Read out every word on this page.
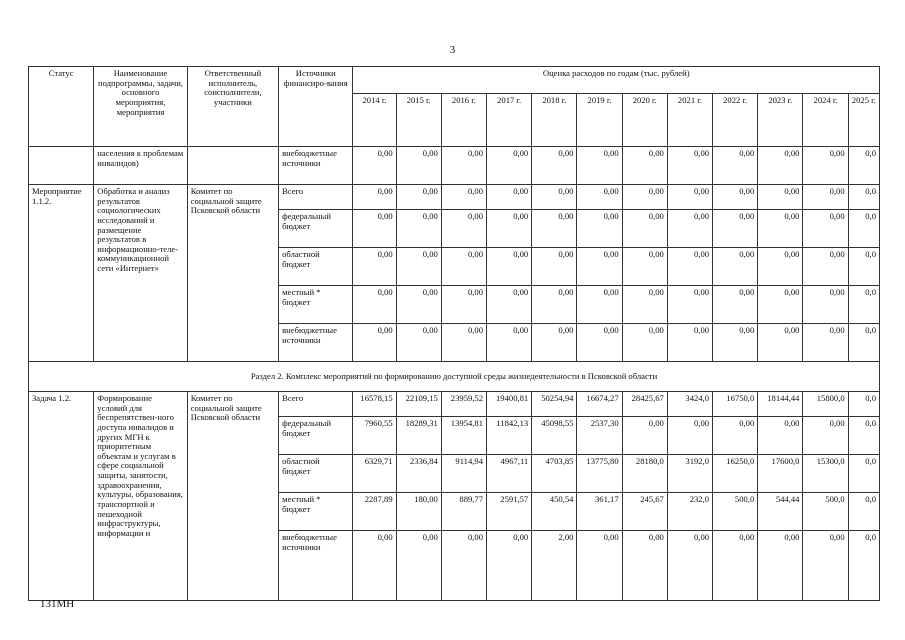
3
Статус	Наименование подпрограммы, задачи, основного мероприятия, мероприятия	Ответственный исполнитель, соисполнители, участники	Источники финансиро-вания	Оценка расходов по годам (тыс. рублей)											
				2014 г.	2015 г.	2016 г.	2017 г.	2018 г.	2019 г.	2020 г.	2021 г.	2022 г.	2023 г.	2024 г.	2025 г.
	населения к проблемам инвалидов)		внебюджетные источники	0,00	0,00	0,00	0,00	0,00	0,00	0,00	0,00	0,00	0,00	0,00	0,0
Мероприятие 1.1.2.	Обработка и анализ результатов социологических исследований и размещение результатов в информационно-теле-коммуникационной сети «Интернет»	Комитет по социальной защите Псковской области	Всего	0,00	0,00	0,00	0,00	0,00	0,00	0,00	0,00	0,00	0,00	0,00	0,0
			федеральный бюджет	0,00	0,00	0,00	0,00	0,00	0,00	0,00	0,00	0,00	0,00	0,00	0,0
			областной бюджет	0,00	0,00	0,00	0,00	0,00	0,00	0,00	0,00	0,00	0,00	0,00	0,0
			местный * бюджет	0,00	0,00	0,00	0,00	0,00	0,00	0,00	0,00	0,00	0,00	0,00	0,0
			внебюджетные источники	0,00	0,00	0,00	0,00	0,00	0,00	0,00	0,00	0,00	0,00	0,00	0,0
Раздел 2. Комплекс мероприятий по формированию доступной среды жизнедеятельности в Псковской области															
Задача 1.2.	Формирование условий для беспрепятствен-ного доступа инвалидов и других МГН к приоритетным объектам и услугам в сфере социальной защиты, занятости, здравоохранения, культуры, образования, транспортной и пешеходной инфраструктуры, информации и	Комитет по социальной защите Псковской области	Всего	16578,15	22109,15	23959,52	19400,81	50254,94	16674,27	28425,67	3424,0	16750,0	18144,44	15800,0	0,0
			федеральный бюджет	7960,55	18289,31	13954,81	11842,13	45098,55	2537,30	0,00	0,00	0,00	0,00	0,00	0,0
			областной бюджет	6329,71	2336,84	9114,94	4967,11	4703,85	13775,80	28180,0	3192,0	16250,0	17600,0	15300,0	0,0
			местный * бюджет	2287,89	180,00	889,77	2591,57	450,54	361,17	245,67	232,0	500,0	544,44	500,0	0,0
			внебюджетные источники	0,00	0,00	0,00	0,00	2,00	0,00	0,00	0,00	0,00	0,00	0,00	0,0
131МН
